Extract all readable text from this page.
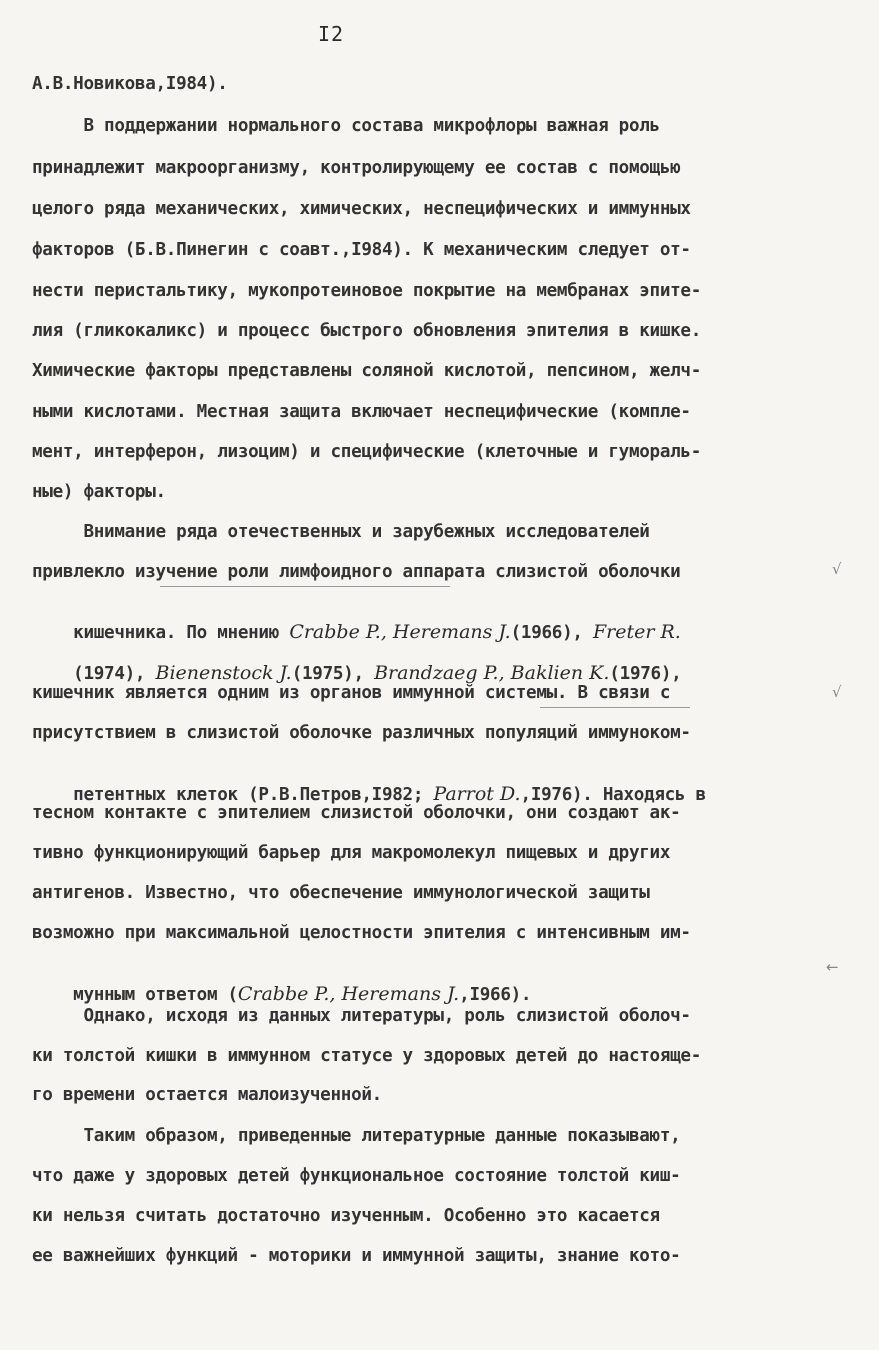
I2
А.В.Новикова,I984).
В поддержании нормального состава микрофлоры важная роль
принадлежит макроорганизму, контролирующему ее состав с помощью
целого ряда механических, химических, неспецифических и иммунных
факторов (Б.В.Пинегин с соавт.,I984). К механическим следует от-
нести перистальтику, мукопротеиновое покрытие на мембранах эпите-
лия (гликокаликс) и процесс быстрого обновления эпителия в кишке.
Химические факторы представлены соляной кислотой, пепсином, желч-
ными кислотами. Местная защита включает неспецифические (компле-
мент, интерферон, лизоцим) и специфические (клеточные и гумораль-
ные) факторы.
Внимание ряда отечественных и зарубежных исследователей
привлекло изучение роли лимфоидного аппарата слизистой оболочки	√

кишечника. По мнению Crabbe P., Heremans J.(1966), Freter R.

(1974), Bienenstock J.(1975), Brandzaeg P., Baklien K.(1976),

кишечник является одним из органов иммунной системы. В связи с	√
присутствием в слизистой оболочке различных популяций иммуноком-

петентных клеток (Р.В.Петров,I982; Parrot D.,I976). Находясь в

тесном контакте с эпителием слизистой оболочки, они создают ак-
тивно функционирующий барьер для макромолекул пищевых и других
антигенов. Известно, что обеспечение иммунологической защиты
возможно при максимальной целостности эпителия с интенсивным им-

мунным ответом (Crabbe P., Heremans J.,I966).

←
Однако, исходя из данных литературы, роль слизистой оболоч-
ки толстой кишки в иммунном статусе у здоровых детей до настояще-
го времени остается малоизученной.
Таким образом, приведенные литературные данные показывают,
что даже у здоровых детей функциональное состояние толстой киш-
ки нельзя считать достаточно изученным. Особенно это касается
ее важнейших функций - моторики и иммунной защиты, знание кото-
